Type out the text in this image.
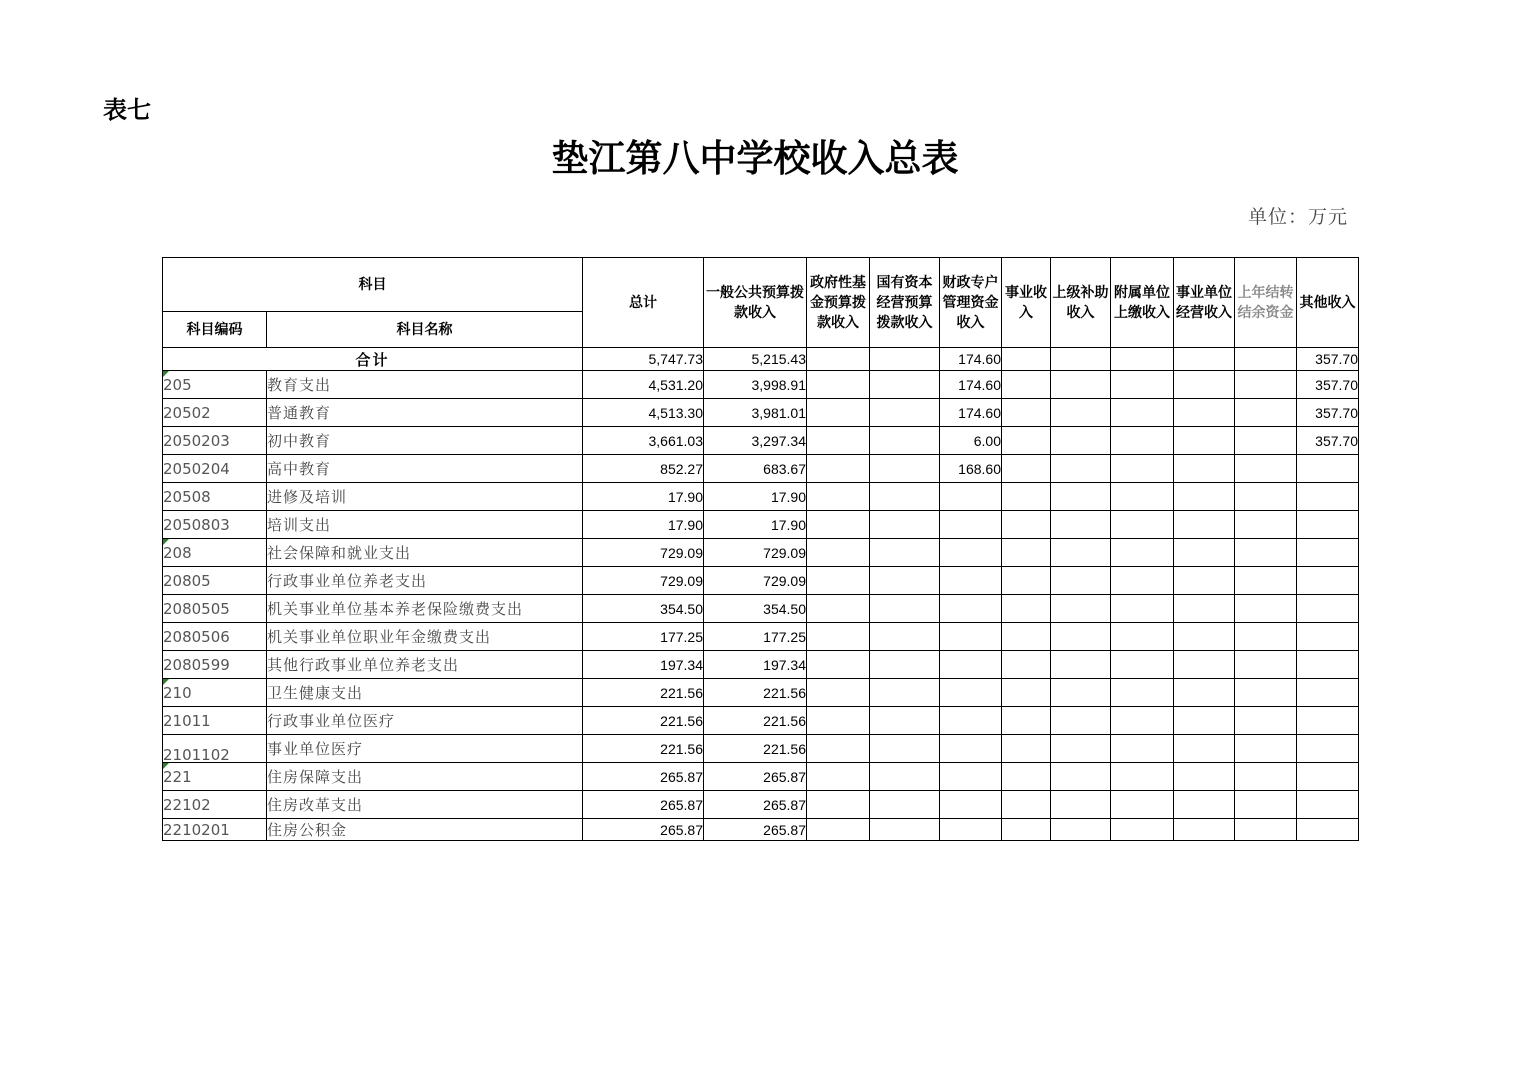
表七
垫江第八中学校收入总表
单位：万元
科目		总计	一般公共预算拨款收入	政府性基金预算拨款收入	国有资本经营预算拨款收入	财政专户管理资金收入	事业收入	上级补助收入	附属单位上缴收入	事业单位经营收入	上年结转结余资金	其他收入
科目编码	科目名称											
合计		5,747.73	5,215.43			174.60						357.70

205	教育支出	4,531.20	3,998.91			174.60						357.70
20502	普通教育	4,513.30	3,981.01			174.60						357.70
2050203	初中教育	3,661.03	3,297.34			6.00						357.70
2050204	高中教育	852.27	683.67			168.60						
20508	进修及培训	17.90	17.90									
2050803	培训支出	17.90	17.90									

208	社会保障和就业支出	729.09	729.09									
20805	行政事业单位养老支出	729.09	729.09									
2080505	机关事业单位基本养老保险缴费支出	354.50	354.50									
2080506	机关事业单位职业年金缴费支出	177.25	177.25									
2080599	其他行政事业单位养老支出	197.34	197.34									

210	卫生健康支出	221.56	221.56									
21011	行政事业单位医疗	221.56	221.56									

2101102	事业单位医疗	221.56	221.56									

221	住房保障支出	265.87	265.87									
22102	住房改革支出	265.87	265.87									
2210201	住房公积金	265.87	265.87									
